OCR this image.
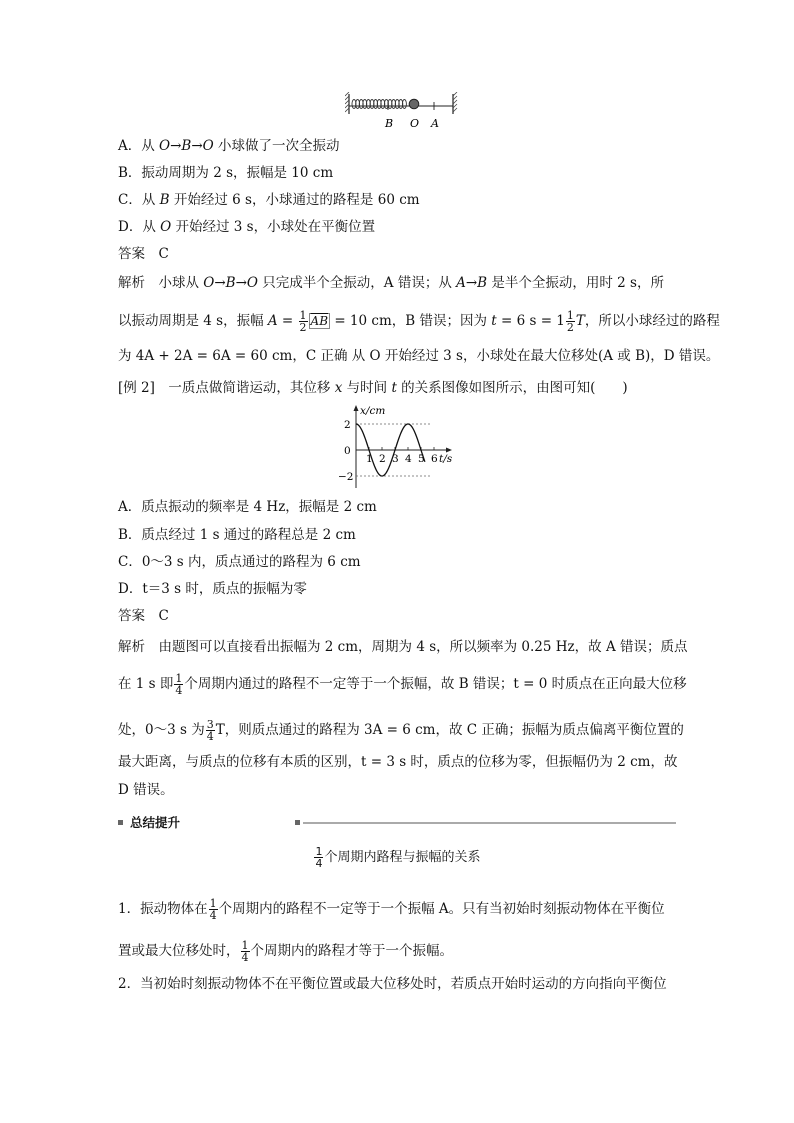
B O A
A．从 O→B→O 小球做了一次全振动
B．振动周期为 2 s，振幅是 10 cm
C．从 B 开始经过 6 s，小球通过的路程是 60 cm
D．从 O 开始经过 3 s，小球处在平衡位置
答案　C
解析　小球从 O→B→O 只完成半个全振动，A 错误；从 A→B 是半个全振动，用时 2 s，所
以振动周期是 4 s，振幅 $A = \frac{1}{2} \overline{AB} = 10$ cm，B 错误；因为 t = 6 $s = 1 \frac{1}{2}$ T，所以小球经过的路程
为 4A + 2A = 6A = 60 cm，C 正确 从 O 开始经过 3 s，小球处在最大位移处(A 或 B)，D 错误。
[例 2]　一质点做简谐运动，其位移 x 与时间 t 的关系图像如图所示，由图可知(　　)
x/cm
t/s
2
0
−2
1 2 3 4 5 6
A．质点振动的频率是 4 Hz，振幅是 2 cm
B．质点经过 1 s 通过的路程总是 2 cm
C．0～3 s 内，质点通过的路程为 6 cm
D．t＝3 s 时，质点的振幅为零
答案　C
解析　由题图可以直接看出振幅为 2 cm，周期为 4 s，所以频率为 0.25 Hz，故 A 错误；质点
在 1 s 即 $\frac{1}{4}$ 个周期内通过的路程不一定等于一个振幅，故 B 错误；t = 0 时质点在正向最大位移
处，0～3 s 为 $\frac{3}{4}$ T，则质点通过的路程为 3A = 6 cm，故 C 正确；振幅为质点偏离平衡位置的
最大距离，与质点的位移有本质的区别，t = 3 s 时，质点的位移为零，但振幅仍为 2 cm，故
D 错误。
总结提升
$\frac{1}{4}$ 个周期内路程与振幅的关系
1．振动物体在 $\frac{1}{4}$ 个周期内的路程不一定等于一个振幅 A。只有当初始时刻振动物体在平衡位
置或最大位移处时， $\frac{1}{4}$ 个周期内的路程才等于一个振幅。
2．当初始时刻振动物体不在平衡位置或最大位移处时，若质点开始时运动的方向指向平衡位
